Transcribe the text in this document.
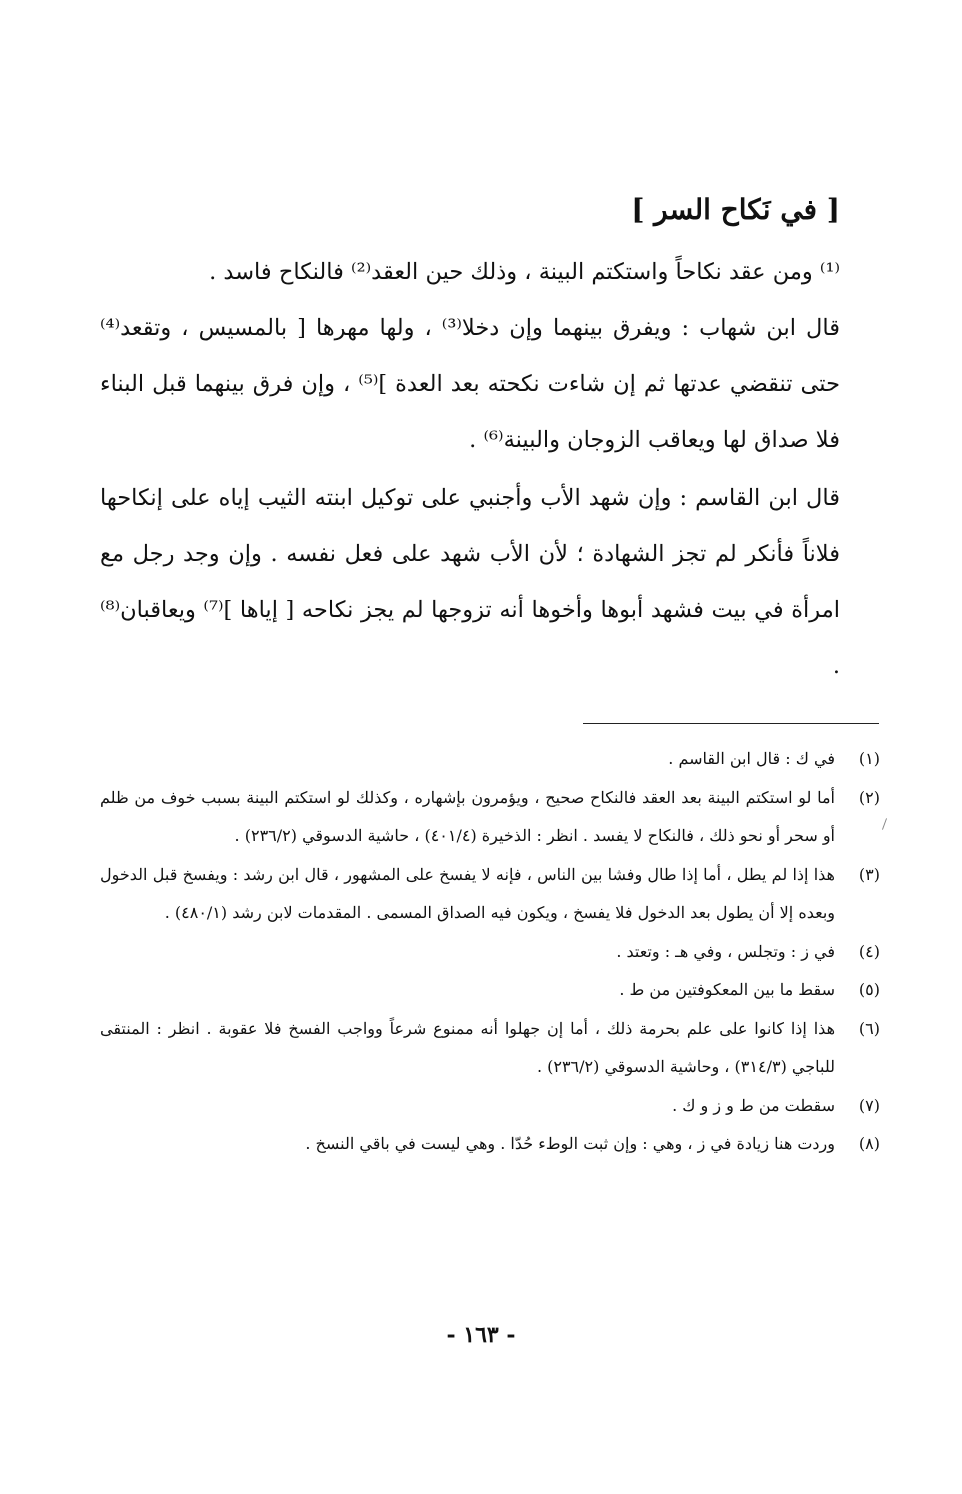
[ في نَكاح السر ]

⁽¹⁾ ومن عقد نكاحاً واستكتم البينة ، وذلك حين العقد⁽²⁾ فالنكاح فاسد .

قال ابن شهاب : ويفرق بينهما وإن دخلا⁽³⁾ ، ولها مهرها [ بالمسيس ، وتقعد⁽⁴⁾ حتى تنقضي عدتها ثم إن شاءت نكحته بعد العدة ]⁽⁵⁾ ، وإن فرق بينهما قبل البناء فلا صداق لها ويعاقب الزوجان والبينة⁽⁶⁾ .

قال ابن القاسم : وإن شهد الأب وأجنبي على توكيل ابنته الثيب إياه على إنكاحها فلاناً فأنكر لم تجز الشهادة ؛ لأن الأب شهد على فعل نفسه . وإن وجد رجل مع امرأة في بيت فشهد أبوها وأخوها أنه تزوجها لم يجز نكاحه [ إياها ]⁽⁷⁾ ويعاقبان⁽⁸⁾ .

(١)
في ك : قال ابن القاسم .
(٢)
أما لو استكتم البينة بعد العقد فالنكاح صحيح ، ويؤمرون بإشهاره ، وكذلك لو استكتم البينة بسبب خوف من ظلم أو سحر أو نحو ذلك ، فالنكاح لا يفسد . انظر : الذخيرة (٤٠١/٤) ، حاشية الدسوقي (٢٣٦/٢) .
(٣)
هذا إذا لم يطل ، أما إذا طال وفشا بين الناس ، فإنه لا يفسخ على المشهور ، قال ابن رشد : ويفسخ قبل الدخول وبعده إلا أن يطول بعد الدخول فلا يفسخ ، ويكون فيه الصداق المسمى . المقدمات لابن رشد (٤٨٠/١) .
(٤)
في ز : وتجلس ، وفي هـ : وتعتد .
(٥)
سقط ما بين المعكوفتين من ط .
(٦)
هذا إذا كانوا على علم بحرمة ذلك ، أما إن جهلوا أنه ممنوع شرعاً وواجب الفسخ فلا عقوبة . انظر : المنتقى للباجي (٣١٤/٣) ، وحاشية الدسوقي (٢٣٦/٢) .
(٧)
سقطت من ط و ز و ك .
(٨)
وردت هنا زيادة في ز ، وهي : وإن ثبت الوطء حُدّا . وهي ليست في باقي النسخ .
- ١٦٣ -
